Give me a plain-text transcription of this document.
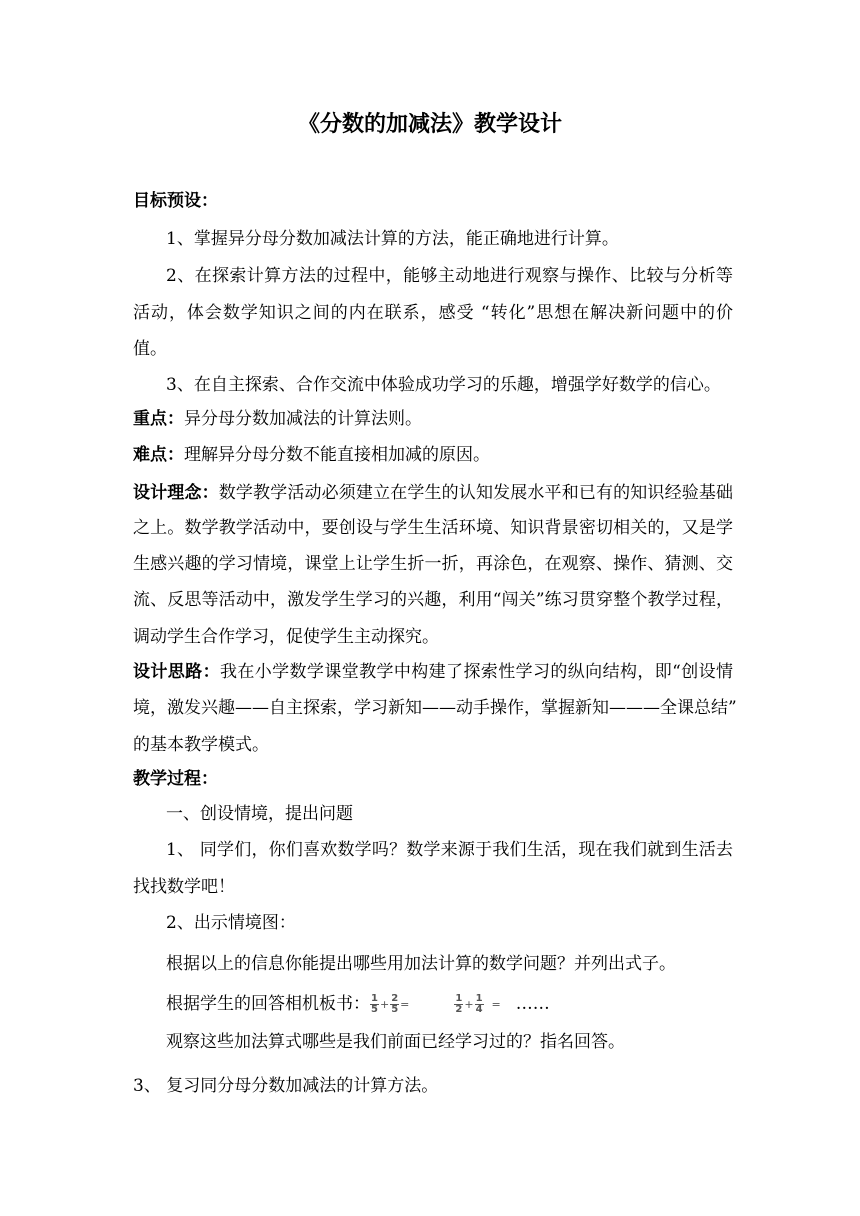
《分数的加减法》教学设计
目标预设：
1、掌握异分母分数加减法计算的方法，能正确地进行计算。
2、在探索计算方法的过程中，能够主动地进行观察与操作、比较与分析等
活动，体会数学知识之间的内在联系，感受 “转化”思想在解决新问题中的价
值。
3、在自主探索、合作交流中体验成功学习的乐趣，增强学好数学的信心。
重点：异分母分数加减法的计算法则。
难点：理解异分母分数不能直接相加减的原因。
设计理念：数学教学活动必须建立在学生的认知发展水平和已有的知识经验基础
之上。数学教学活动中，要创设与学生生活环境、知识背景密切相关的，又是学
生感兴趣的学习情境，课堂上让学生折一折，再涂色，在观察、操作、猜测、交
流、反思等活动中，激发学生学习的兴趣，利用“闯关”练习贯穿整个教学过程，
调动学生合作学习，促使学生主动探究。
设计思路：我在小学数学课堂教学中构建了探索性学习的纵向结构，即“创设情
境，激发兴趣——自主探索，学习新知——动手操作，掌握新知———全课总结”
的基本教学模式。
教学过程：
一、创设情境，提出问题
1、 同学们，你们喜欢数学吗？数学来源于我们生活，现在我们就到生活去
找找数学吧！
2、出示情境图：
根据以上的信息你能提出哪些用加法计算的数学问题？并列出式子。
根据学生的回答相机板书： $\frac{1}{5} + \frac{2}{5}$ =	$\frac{1}{2} + \frac{1}{4}$ = ……
观察这些加法算式哪些是我们前面已经学习过的？指名回答。
3、 复习同分母分数加减法的计算方法。
